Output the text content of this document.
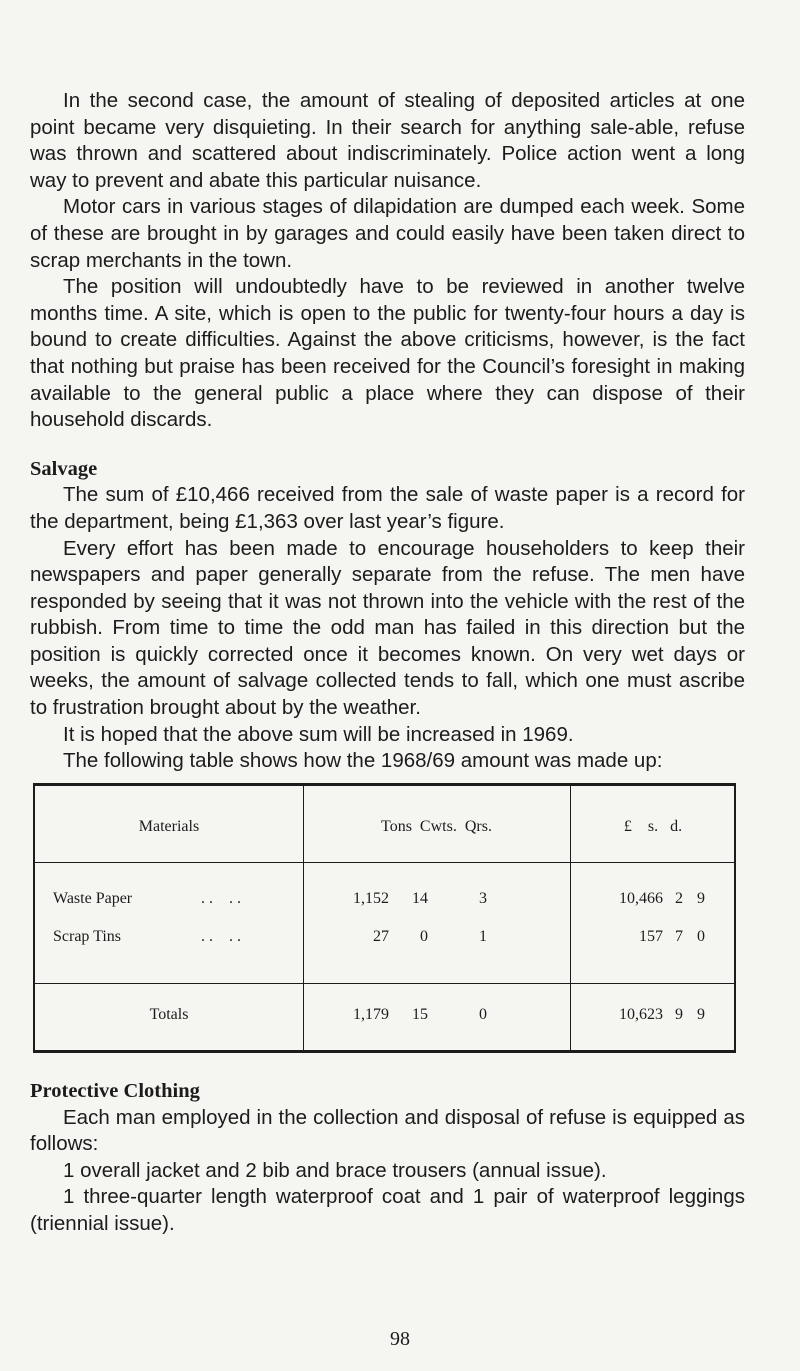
In the second case, the amount of stealing of deposited articles at one point became very disquieting. In their search for anything sale-able, refuse was thrown and scattered about indiscriminately. Police action went a long way to prevent and abate this particular nuisance.

Motor cars in various stages of dilapidation are dumped each week. Some of these are brought in by garages and could easily have been taken direct to scrap merchants in the town.

The position will undoubtedly have to be reviewed in another twelve months time. A site, which is open to the public for twenty-four hours a day is bound to create difficulties. Against the above criticisms, however, is the fact that nothing but praise has been received for the Council’s foresight in making available to the general public a place where they can dispose of their household discards.

Salvage

The sum of £10,466 received from the sale of waste paper is a record for the department, being £1,363 over last year’s figure.

Every effort has been made to encourage householders to keep their newspapers and paper generally separate from the refuse. The men have responded by seeing that it was not thrown into the vehicle with the rest of the rubbish. From time to time the odd man has failed in this direction but the position is quickly corrected once it becomes known. On very wet days or weeks, the amount of salvage collected tends to fall, which one must ascribe to frustration brought about by the weather.

It is hoped that the above sum will be increased in 1969.

The following table shows how the 1968/69 amount was made up:

Materials	Tons  Cwts.  Qrs.	£    s.   d.
Waste Paper	. .    . .	1,152	14	3	10,466 2 9
Scrap Tins	. .    . .	27	0	1	157 7 0
Totals	1,179	15	0	10,623 9 9
Protective Clothing

Each man employed in the collection and disposal of refuse is equipped as follows:

1 overall jacket and 2 bib and brace trousers (annual issue).

1 three-quarter length waterproof coat and 1 pair of waterproof leggings (triennial issue).

98
